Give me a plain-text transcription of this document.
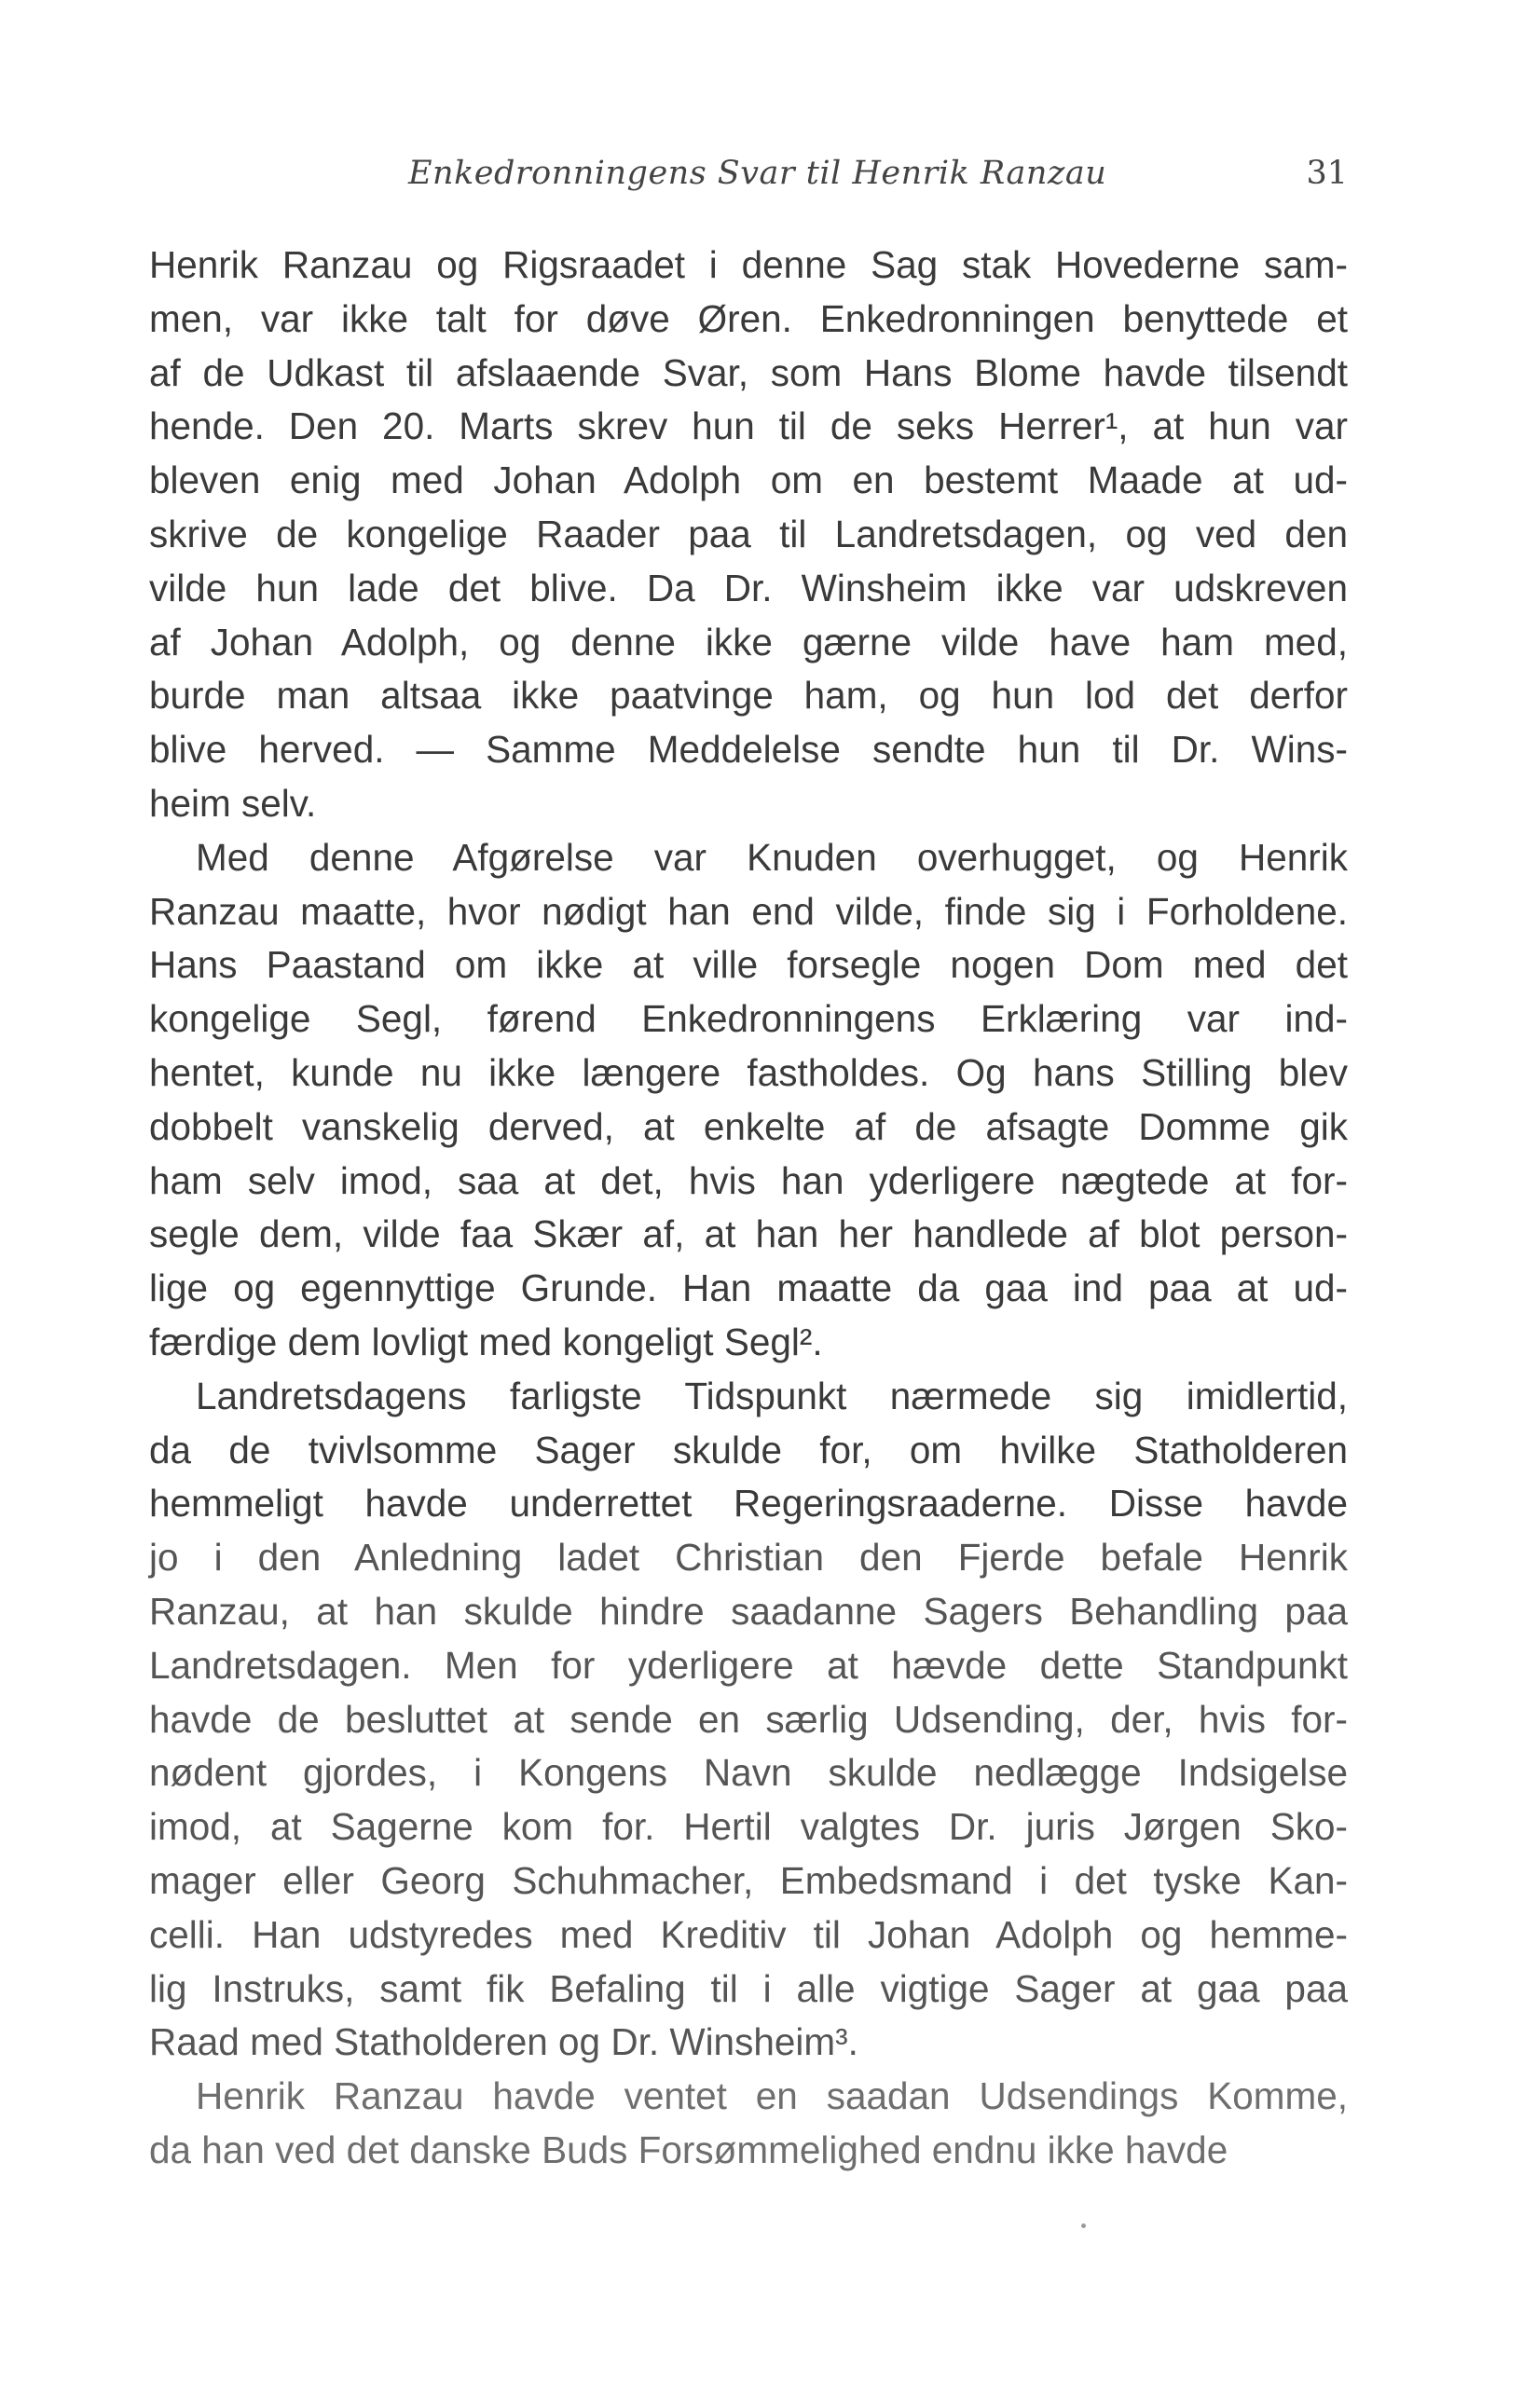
Enkedronningens Svar til Henrik Ranzau	31
Henrik Ranzau og Rigsraadet i denne Sag stak Hovederne sam-
men, var ikke talt for døve Øren. Enkedronningen benyttede et
af de Udkast til afslaaende Svar, som Hans Blome havde tilsendt
hende. Den 20. Marts skrev hun til de seks Herrer¹, at hun var
bleven enig med Johan Adolph om en bestemt Maade at ud-
skrive de kongelige Raader paa til Landretsdagen, og ved den
vilde hun lade det blive. Da Dr. Winsheim ikke var udskreven
af Johan Adolph, og denne ikke gærne vilde have ham med,
burde man altsaa ikke paatvinge ham, og hun lod det derfor
blive herved. — Samme Meddelelse sendte hun til Dr. Wins-
heim selv.
Med denne Afgørelse var Knuden overhugget, og Henrik
Ranzau maatte, hvor nødigt han end vilde, finde sig i Forholdene.
Hans Paastand om ikke at ville forsegle nogen Dom med det
kongelige Segl, førend Enkedronningens Erklæring var ind-
hentet, kunde nu ikke længere fastholdes. Og hans Stilling blev
dobbelt vanskelig derved, at enkelte af de afsagte Domme gik
ham selv imod, saa at det, hvis han yderligere nægtede at for-
segle dem, vilde faa Skær af, at han her handlede af blot person-
lige og egennyttige Grunde. Han maatte da gaa ind paa at ud-
færdige dem lovligt med kongeligt Segl².
Landretsdagens farligste Tidspunkt nærmede sig imidlertid,
da de tvivlsomme Sager skulde for, om hvilke Statholderen
hemmeligt havde underrettet Regeringsraaderne. Disse havde
jo i den Anledning ladet Christian den Fjerde befale Henrik
Ranzau, at han skulde hindre saadanne Sagers Behandling paa
Landretsdagen. Men for yderligere at hævde dette Standpunkt
havde de besluttet at sende en særlig Udsending, der, hvis for-
nødent gjordes, i Kongens Navn skulde nedlægge Indsigelse
imod, at Sagerne kom for. Hertil valgtes Dr. juris Jørgen Sko-
mager eller Georg Schuhmacher, Embedsmand i det tyske Kan-
celli. Han udstyredes med Kreditiv til Johan Adolph og hemme-
lig Instruks, samt fik Befaling til i alle vigtige Sager at gaa paa
Raad med Statholderen og Dr. Winsheim³.
Henrik Ranzau havde ventet en saadan Udsendings Komme,
da han ved det danske Buds Forsømmelighed endnu ikke havde
